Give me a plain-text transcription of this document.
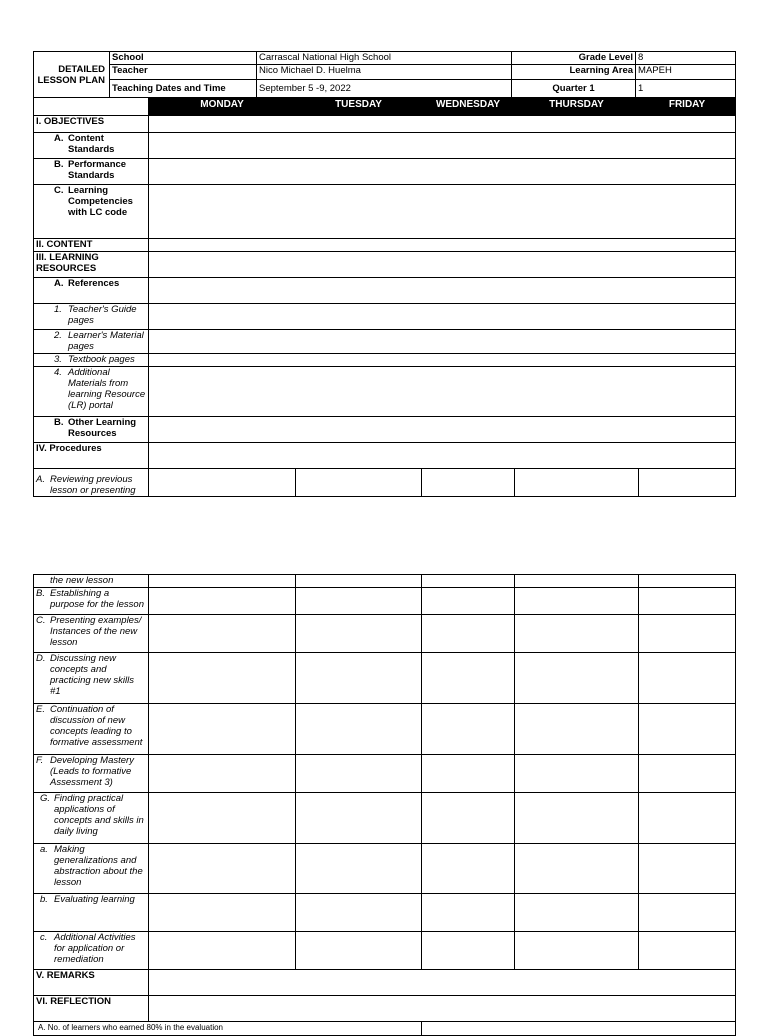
DETAILED
LESSON PLAN	School	Carrascal National High School	Grade Level	8
	Teacher	Nico Michael D. Huelma	Learning Area	MAPEH
	Teaching Dates and Time	September 5 -9, 2022	Quarter 1	1
	MONDAY	TUESDAY	WEDNESDAY	THURSDAY	FRIDAY
I. OBJECTIVES					

A. Content Standards					

B. Performance Standards					

C. Learning Competencies with LC code					

II. CONTENT					
III. LEARNING RESOURCES					

A. References					

1. Teacher's Guide pages					

2. Learner's Material pages					

3. Textbook pages					

4. Additional Materials from learning Resource (LR) portal					

B. Other Learning Resources					

IV. Procedures					

A. Reviewing previous lesson or presenting					

the new lesson					

B. Establishing a purpose for the lesson					

C. Presenting examples/ Instances of the new lesson					

D. Discussing new concepts and practicing new skills #1					

E. Continuation of discussion of new concepts leading to formative assessment					

F. Developing Mastery (Leads to formative Assessment 3)					

G. Finding practical applications of concepts and skills in daily living					

a. Making generalizations and abstraction about the lesson					

b. Evaluating learning					

c. Additional Activities for application or remediation					

V. REMARKS					
VI. REFLECTION					
A. No. of learners who earned 80% in the evaluation					
